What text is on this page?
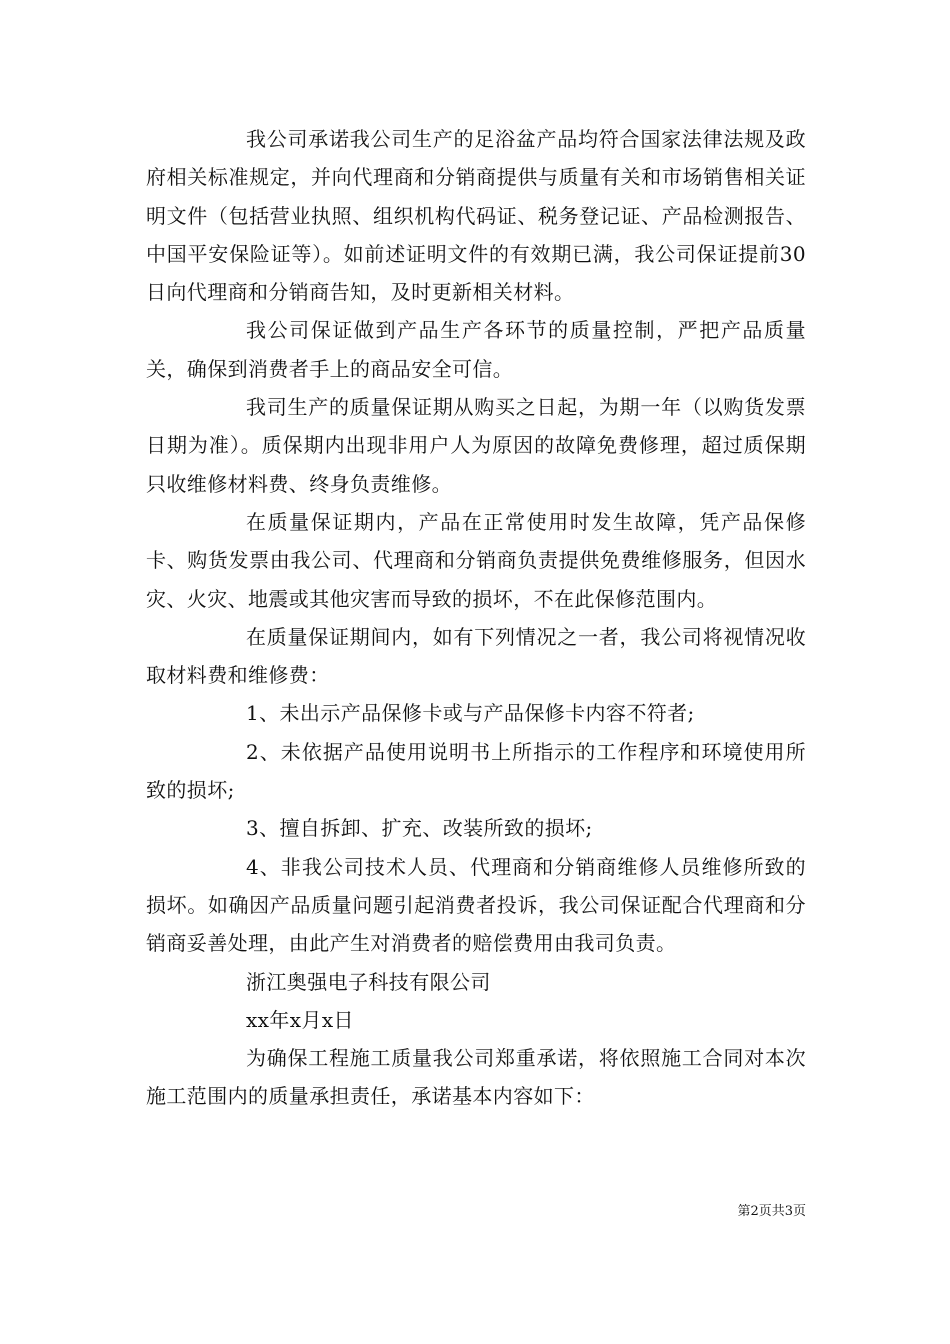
我公司承诺我公司生产的足浴盆产品均符合国家法律法规及政府相关标准规定，并向代理商和分销商提供与质量有关和市场销售相关证明文件（包括营业执照、组织机构代码证、税务登记证、产品检测报告、中国平安保险证等）。如前述证明文件的有效期已满，我公司保证提前30日向代理商和分销商告知，及时更新相关材料。

我公司保证做到产品生产各环节的质量控制，严把产品质量关，确保到消费者手上的商品安全可信。

我司生产的质量保证期从购买之日起，为期一年（以购货发票日期为准）。质保期内出现非用户人为原因的故障免费修理，超过质保期只收维修材料费、终身负责维修。

在质量保证期内，产品在正常使用时发生故障，凭产品保修卡、购货发票由我公司、代理商和分销商负责提供免费维修服务，但因水灾、火灾、地震或其他灾害而导致的损坏，不在此保修范围内。

在质量保证期间内，如有下列情况之一者，我公司将视情况收取材料费和维修费：

1、未出示产品保修卡或与产品保修卡内容不符者;

2、未依据产品使用说明书上所指示的工作程序和环境使用所致的损坏;

3、擅自拆卸、扩充、改装所致的损坏;

4、非我公司技术人员、代理商和分销商维修人员维修所致的损坏。如确因产品质量问题引起消费者投诉，我公司保证配合代理商和分销商妥善处理，由此产生对消费者的赔偿费用由我司负责。

浙江奥强电子科技有限公司

xx年x月x日

为确保工程施工质量我公司郑重承诺，将依照施工合同对本次施工范围内的质量承担责任，承诺基本内容如下：

第2页共3页
